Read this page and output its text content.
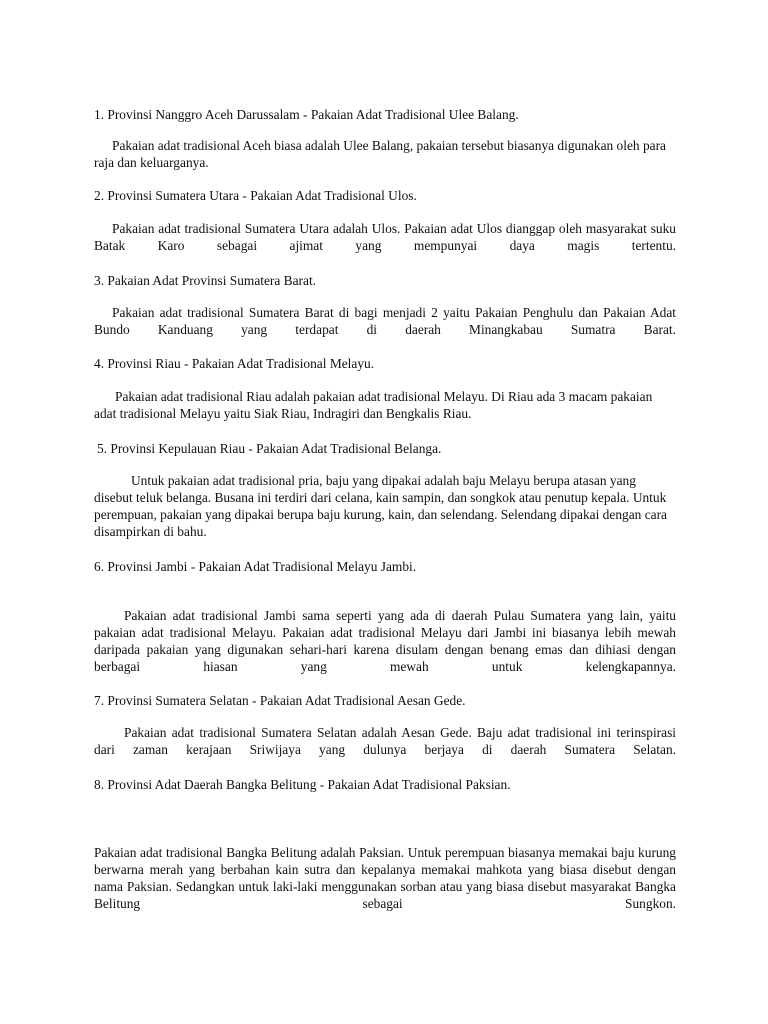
1. Provinsi Nanggro Aceh Darussalam - Pakaian Adat Tradisional Ulee Balang.

Pakaian adat tradisional Aceh biasa adalah Ulee Balang, pakaian tersebut biasanya digunakan oleh para raja dan keluarganya.

2. Provinsi Sumatera Utara - Pakaian Adat Tradisional Ulos.

Pakaian adat tradisional Sumatera Utara adalah Ulos. Pakaian adat Ulos dianggap oleh masyarakat suku Batak Karo sebagai ajimat yang mempunyai daya magis tertentu.

3. Pakaian Adat Provinsi Sumatera Barat.

Pakaian adat tradisional Sumatera Barat di bagi menjadi 2 yaitu Pakaian Penghulu dan Pakaian Adat Bundo Kanduang yang terdapat di daerah Minangkabau Sumatra Barat.

4. Provinsi Riau - Pakaian Adat Tradisional Melayu.

Pakaian adat tradisional Riau adalah pakaian adat tradisional Melayu. Di Riau ada 3 macam pakaian adat tradisional Melayu yaitu Siak Riau, Indragiri dan Bengkalis Riau.

5. Provinsi Kepulauan Riau - Pakaian Adat Tradisional Belanga.

Untuk pakaian adat tradisional pria, baju yang dipakai adalah baju Melayu berupa atasan yang disebut teluk belanga. Busana ini terdiri dari celana, kain sampin, dan songkok atau penutup kepala. Untuk perempuan, pakaian yang dipakai berupa baju kurung, kain, dan selendang. Selendang dipakai dengan cara disampirkan di bahu.

6. Provinsi Jambi - Pakaian Adat Tradisional Melayu Jambi.

Pakaian adat tradisional Jambi sama seperti yang ada di daerah Pulau Sumatera yang lain, yaitu pakaian adat tradisional Melayu. Pakaian adat tradisional Melayu dari Jambi ini biasanya lebih mewah daripada pakaian yang digunakan sehari-hari karena disulam dengan benang emas dan dihiasi dengan berbagai hiasan yang mewah untuk kelengkapannya.

7. Provinsi Sumatera Selatan - Pakaian Adat Tradisional Aesan Gede.

Pakaian adat tradisional Sumatera Selatan adalah Aesan Gede. Baju adat tradisional ini terinspirasi dari zaman kerajaan Sriwijaya yang dulunya berjaya di daerah Sumatera Selatan.

8. Provinsi Adat Daerah Bangka Belitung - Pakaian Adat Tradisional Paksian.

Pakaian adat tradisional Bangka Belitung adalah Paksian. Untuk perempuan biasanya memakai baju kurung berwarna merah yang berbahan kain sutra dan kepalanya memakai mahkota yang biasa disebut dengan nama Paksian. Sedangkan untuk laki-laki menggunakan sorban atau yang biasa disebut masyarakat Bangka Belitung sebagai Sungkon.
